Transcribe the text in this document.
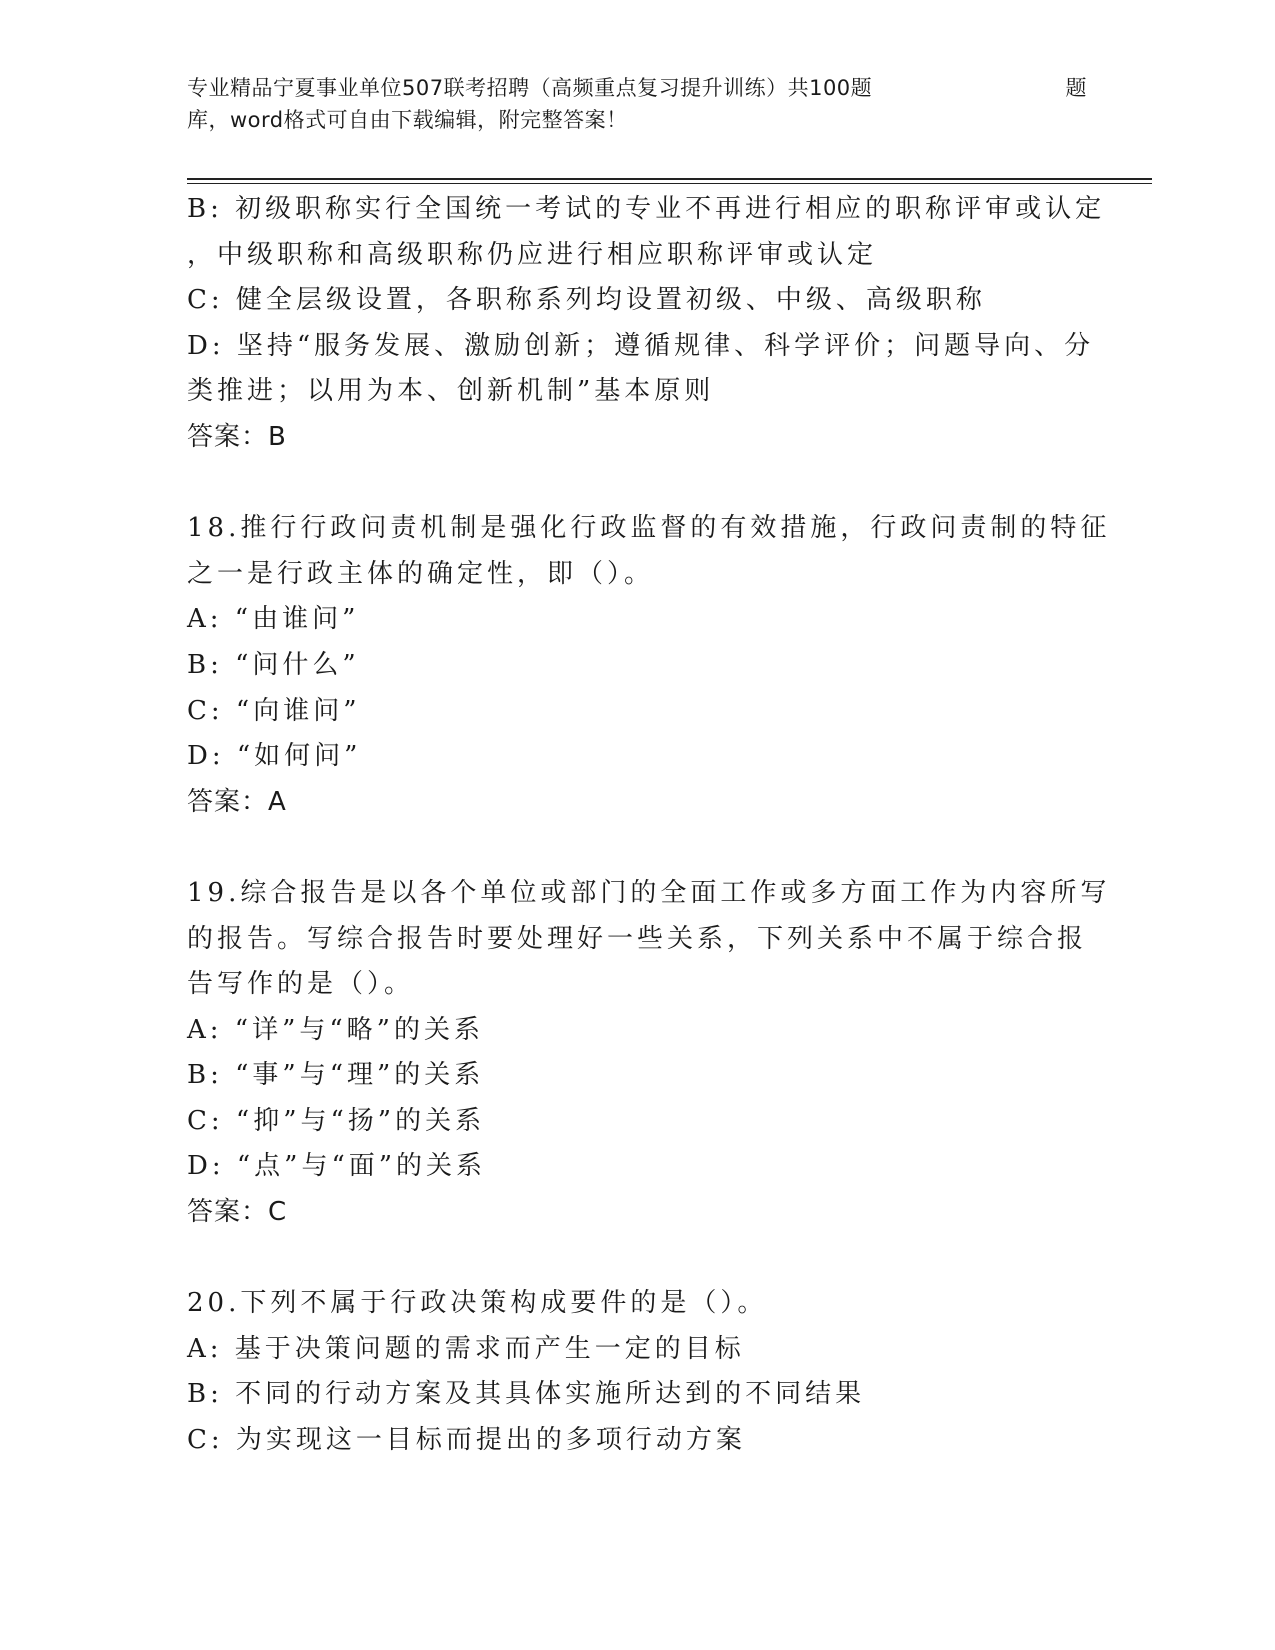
专业精品宁夏事业单位507联考招聘（高频重点复习提升训练）共100题	题
库，word格式可自由下载编辑，附完整答案！
B: 初级职称实行全国统一考试的专业不再进行相应的职称评审或认定
，中级职称和高级职称仍应进行相应职称评审或认定
C: 健全层级设置，各职称系列均设置初级、中级、高级职称
D: 坚持“服务发展、激励创新；遵循规律、科学评价；问题导向、分
类推进；以用为本、创新机制”基本原则
答案：B
18.推行行政问责机制是强化行政监督的有效措施，行政问责制的特征
之一是行政主体的确定性，即（）。
A: “由谁问”
B: “问什么”
C: “向谁问”
D: “如何问”
答案：A
19.综合报告是以各个单位或部门的全面工作或多方面工作为内容所写
的报告。写综合报告时要处理好一些关系，下列关系中不属于综合报
告写作的是（）。
A: “详”与“略”的关系
B: “事”与“理”的关系
C: “抑”与“扬”的关系
D: “点”与“面”的关系
答案：C
20.下列不属于行政决策构成要件的是（）。
A: 基于决策问题的需求而产生一定的目标
B: 不同的行动方案及其具体实施所达到的不同结果
C: 为实现这一目标而提出的多项行动方案
